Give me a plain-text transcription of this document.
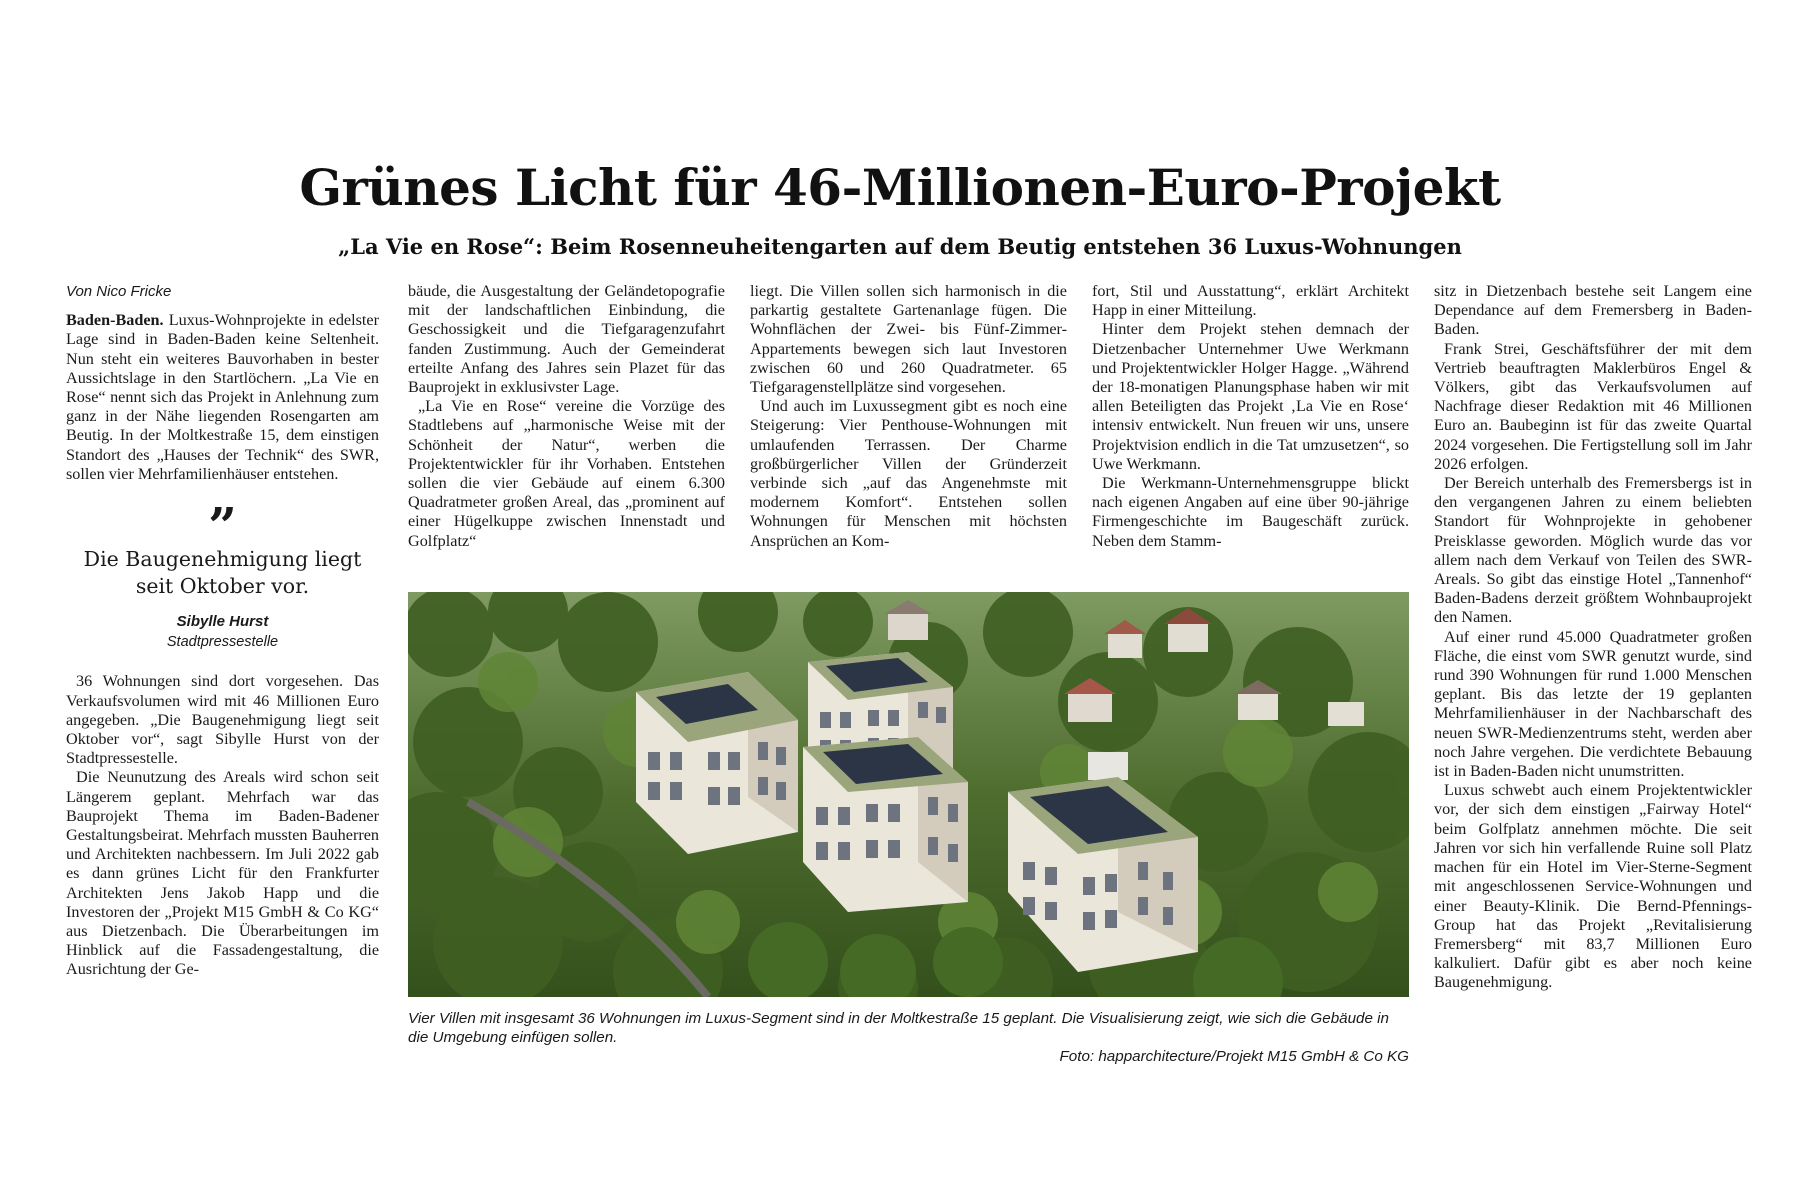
Grünes Licht für 46-Millionen-Euro-Projekt
„La Vie en Rose“: Beim Rosenneuheitengarten auf dem Beutig entstehen 36 Luxus-Wohnungen
Von Nico Fricke

Baden-Baden. Luxus-Wohnprojekte in edelster Lage sind in Baden-Baden keine Seltenheit. Nun steht ein weiteres Bauvorhaben in bester Aussichtslage in den Startlöchern. „La Vie en Rose“ nennt sich das Projekt in Anlehnung zum ganz in der Nähe liegenden Rosengarten am Beutig. In der Moltkestraße 15, dem einstigen Standort des „Hauses der Technik“ des SWR, sollen vier Mehrfamilienhäuser entstehen.

”
Die Baugenehmigung liegt seit Oktober vor.
Sibylle Hurst
Stadtpressestelle

36 Wohnungen sind dort vorgesehen. Das Verkaufsvolumen wird mit 46 Millionen Euro angegeben. „Die Baugenehmigung liegt seit Oktober vor“, sagt Sibylle Hurst von der Stadtpressestelle.

Die Neunutzung des Areals wird schon seit Längerem geplant. Mehrfach war das Bauprojekt Thema im Baden-Badener Gestaltungsbeirat. Mehrfach mussten Bauherren und Architekten nachbessern. Im Juli 2022 gab es dann grünes Licht für den Frankfurter Architekten Jens Jakob Happ und die Investoren der „Projekt M15 GmbH & Co KG“ aus Dietzenbach. Die Überarbeitungen im Hinblick auf die Fassadengestaltung, die Ausrichtung der Ge-

bäude, die Ausgestaltung der Geländetopografie mit der landschaftlichen Einbindung, die Geschossigkeit und die Tiefgaragenzufahrt fanden Zustimmung. Auch der Gemeinderat erteilte Anfang des Jahres sein Plazet für das Bauprojekt in exklusivster Lage.

„La Vie en Rose“ vereine die Vorzüge des Stadtlebens auf „harmonische Weise mit der Schönheit der Natur“, werben die Projektentwickler für ihr Vorhaben. Entstehen sollen die vier Gebäude auf einem 6.300 Quadratmeter großen Areal, das „prominent auf einer Hügelkuppe zwischen Innenstadt und Golfplatz“

liegt. Die Villen sollen sich harmonisch in die parkartig gestaltete Gartenanlage fügen. Die Wohnflächen der Zwei- bis Fünf-Zimmer-Appartements bewegen sich laut Investoren zwischen 60 und 260 Quadratmeter. 65 Tiefgaragenstellplätze sind vorgesehen.

Und auch im Luxussegment gibt es noch eine Steigerung: Vier Penthouse-Wohnungen mit umlaufenden Terrassen. Der Charme großbürgerlicher Villen der Gründerzeit verbinde sich „auf das Angenehmste mit modernem Komfort“. Entstehen sollen Wohnungen für Menschen mit höchsten Ansprüchen an Kom-

fort, Stil und Ausstattung“, erklärt Architekt Happ in einer Mitteilung.

Hinter dem Projekt stehen demnach der Dietzenbacher Unternehmer Uwe Werkmann und Projektentwickler Holger Hagge. „Während der 18-monatigen Planungsphase haben wir mit allen Beteiligten das Projekt ‚La Vie en Rose‘ intensiv entwickelt. Nun freuen wir uns, unsere Projektvision endlich in die Tat umzusetzen“, so Uwe Werkmann.

Die Werkmann-Unternehmensgruppe blickt nach eigenen Angaben auf eine über 90-jährige Firmengeschichte im Baugeschäft zurück. Neben dem Stamm-

sitz in Dietzenbach bestehe seit Langem eine Dependance auf dem Fremersberg in Baden-Baden.

Frank Strei, Geschäftsführer der mit dem Vertrieb beauftragten Maklerbüros Engel & Völkers, gibt das Verkaufsvolumen auf Nachfrage dieser Redaktion mit 46 Millionen Euro an. Baubeginn ist für das zweite Quartal 2024 vorgesehen. Die Fertigstellung soll im Jahr 2026 erfolgen.

Der Bereich unterhalb des Fremersbergs ist in den vergangenen Jahren zu einem beliebten Standort für Wohnprojekte in gehobener Preisklasse geworden. Möglich wurde das vor allem nach dem Verkauf von Teilen des SWR-Areals. So gibt das einstige Hotel „Tannenhof“ Baden-Badens derzeit größtem Wohnbauprojekt den Namen.

Auf einer rund 45.000 Quadratmeter großen Fläche, die einst vom SWR genutzt wurde, sind rund 390 Wohnungen für rund 1.000 Menschen geplant. Bis das letzte der 19 geplanten Mehrfamilienhäuser in der Nachbarschaft des neuen SWR-Medienzentrums steht, werden aber noch Jahre vergehen. Die verdichtete Bebauung ist in Baden-Baden nicht unumstritten.

Luxus schwebt auch einem Projektentwickler vor, der sich dem einstigen „Fairway Hotel“ beim Golfplatz annehmen möchte. Die seit Jahren vor sich hin verfallende Ruine soll Platz machen für ein Hotel im Vier-Sterne-Segment mit angeschlossenen Service-Wohnungen und einer Beauty-Klinik. Die Bernd-Pfennings-Group hat das Projekt „Revitalisierung Fremersberg“ mit 83,7 Millionen Euro kalkuliert. Dafür gibt es aber noch keine Baugenehmigung.

Vier Villen mit insgesamt 36 Wohnungen im Luxus-Segment sind in der Moltkestraße 15 geplant. Die Visualisierung zeigt, wie sich die Gebäude in die Umgebung einfügen sollen.
Foto: happarchitecture/Projekt M15 GmbH & Co KG
